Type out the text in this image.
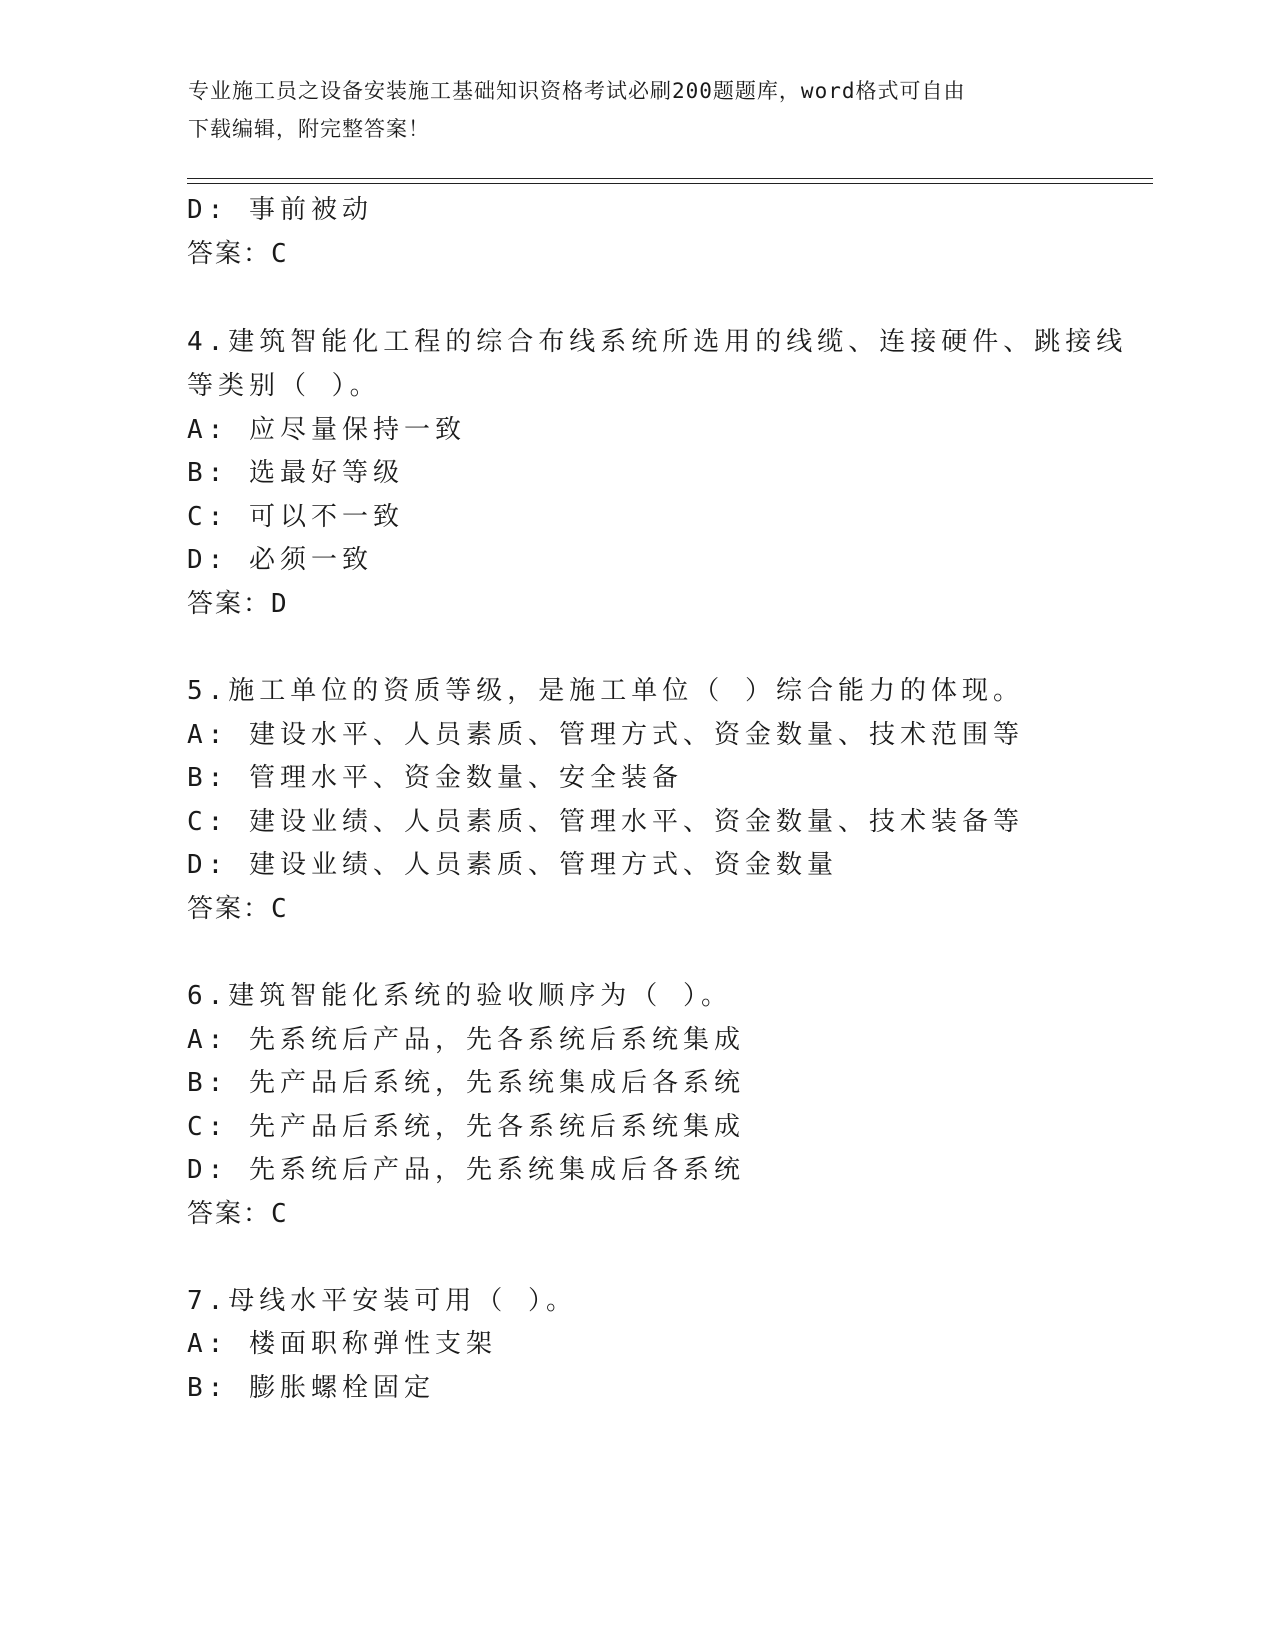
专业施工员之设备安装施工基础知识资格考试必刷200题题库，word格式可自由
下载编辑，附完整答案！
D: 事前被动
答案：C
4.建筑智能化工程的综合布线系统所选用的线缆、连接硬件、跳接线
等类别（ ）。
A: 应尽量保持一致
B: 选最好等级
C: 可以不一致
D: 必须一致
答案：D
5.施工单位的资质等级，是施工单位（ ）综合能力的体现。
A: 建设水平、人员素质、管理方式、资金数量、技术范围等
B: 管理水平、资金数量、安全装备
C: 建设业绩、人员素质、管理水平、资金数量、技术装备等
D: 建设业绩、人员素质、管理方式、资金数量
答案：C
6.建筑智能化系统的验收顺序为（ ）。
A: 先系统后产品，先各系统后系统集成
B: 先产品后系统，先系统集成后各系统
C: 先产品后系统，先各系统后系统集成
D: 先系统后产品，先系统集成后各系统
答案：C
7.母线水平安装可用（ ）。
A: 楼面职称弹性支架
B: 膨胀螺栓固定
